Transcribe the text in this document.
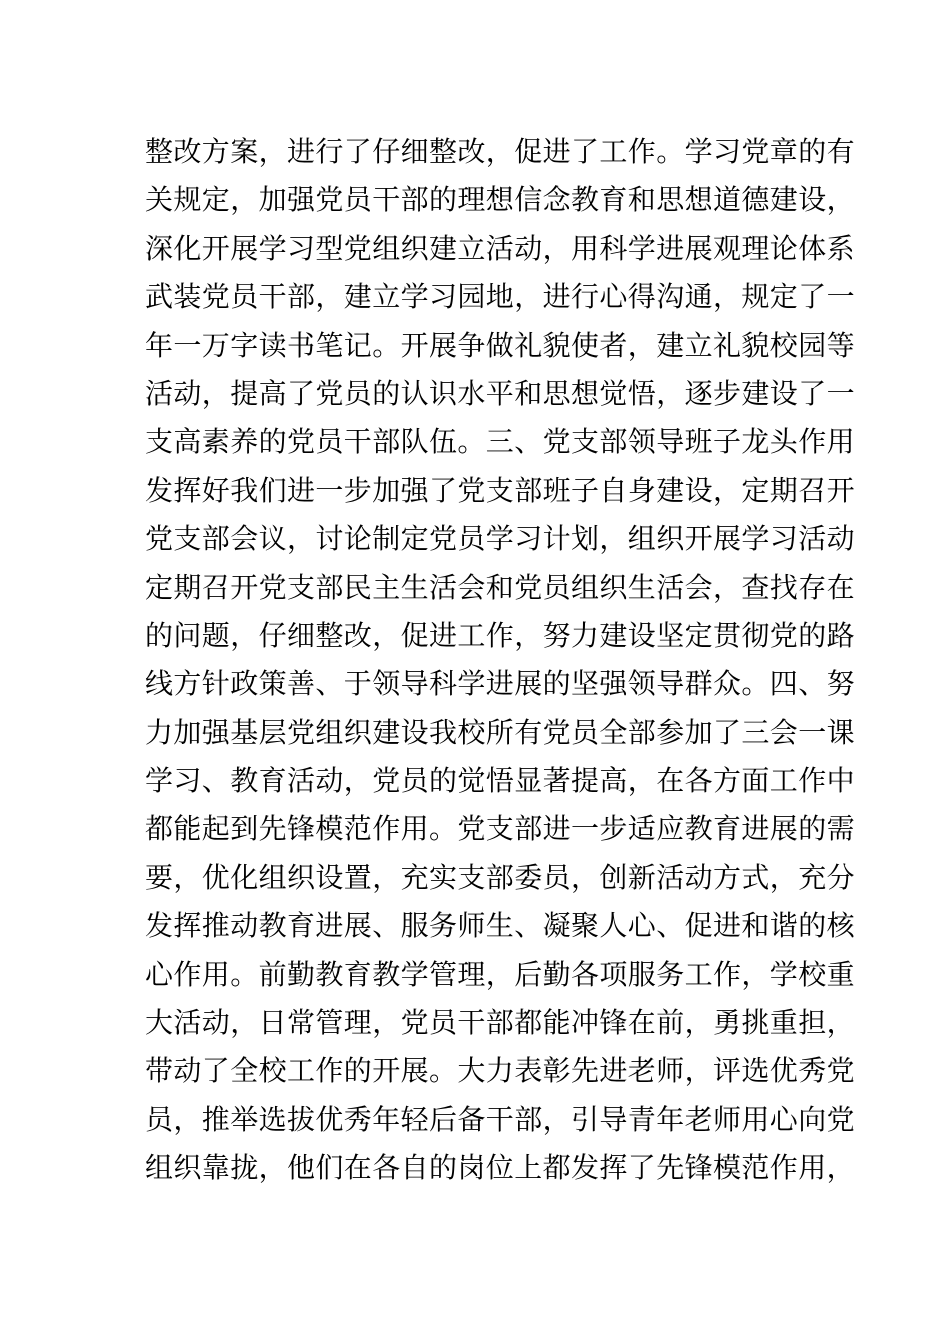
整改方案，进行了仔细整改，促进了工作。学习党章的有
关规定，加强党员干部的理想信念教育和思想道德建设，
深化开展学习型党组织建立活动，用科学进展观理论体系
武装党员干部，建立学习园地，进行心得沟通，规定了一
年一万字读书笔记。开展争做礼貌使者，建立礼貌校园等
活动，提高了党员的认识水平和思想觉悟，逐步建设了一
支高素养的党员干部队伍。三、党支部领导班子龙头作用
发挥好我们进一步加强了党支部班子自身建设，定期召开
党支部会议，讨论制定党员学习计划，组织开展学习活动
定期召开党支部民主生活会和党员组织生活会，查找存在
的问题，仔细整改，促进工作，努力建设坚定贯彻党的路
线方针政策善、于领导科学进展的坚强领导群众。四、努
力加强基层党组织建设我校所有党员全部参加了三会一课
学习、教育活动，党员的觉悟显著提高，在各方面工作中
都能起到先锋模范作用。党支部进一步适应教育进展的需
要，优化组织设置，充实支部委员，创新活动方式，充分
发挥推动教育进展、服务师生、凝聚人心、促进和谐的核
心作用。前勤教育教学管理，后勤各项服务工作，学校重
大活动，日常管理，党员干部都能冲锋在前，勇挑重担，
带动了全校工作的开展。大力表彰先进老师，评选优秀党
员，推举选拔优秀年轻后备干部，引导青年老师用心向党
组织靠拢，他们在各自的岗位上都发挥了先锋模范作用，
